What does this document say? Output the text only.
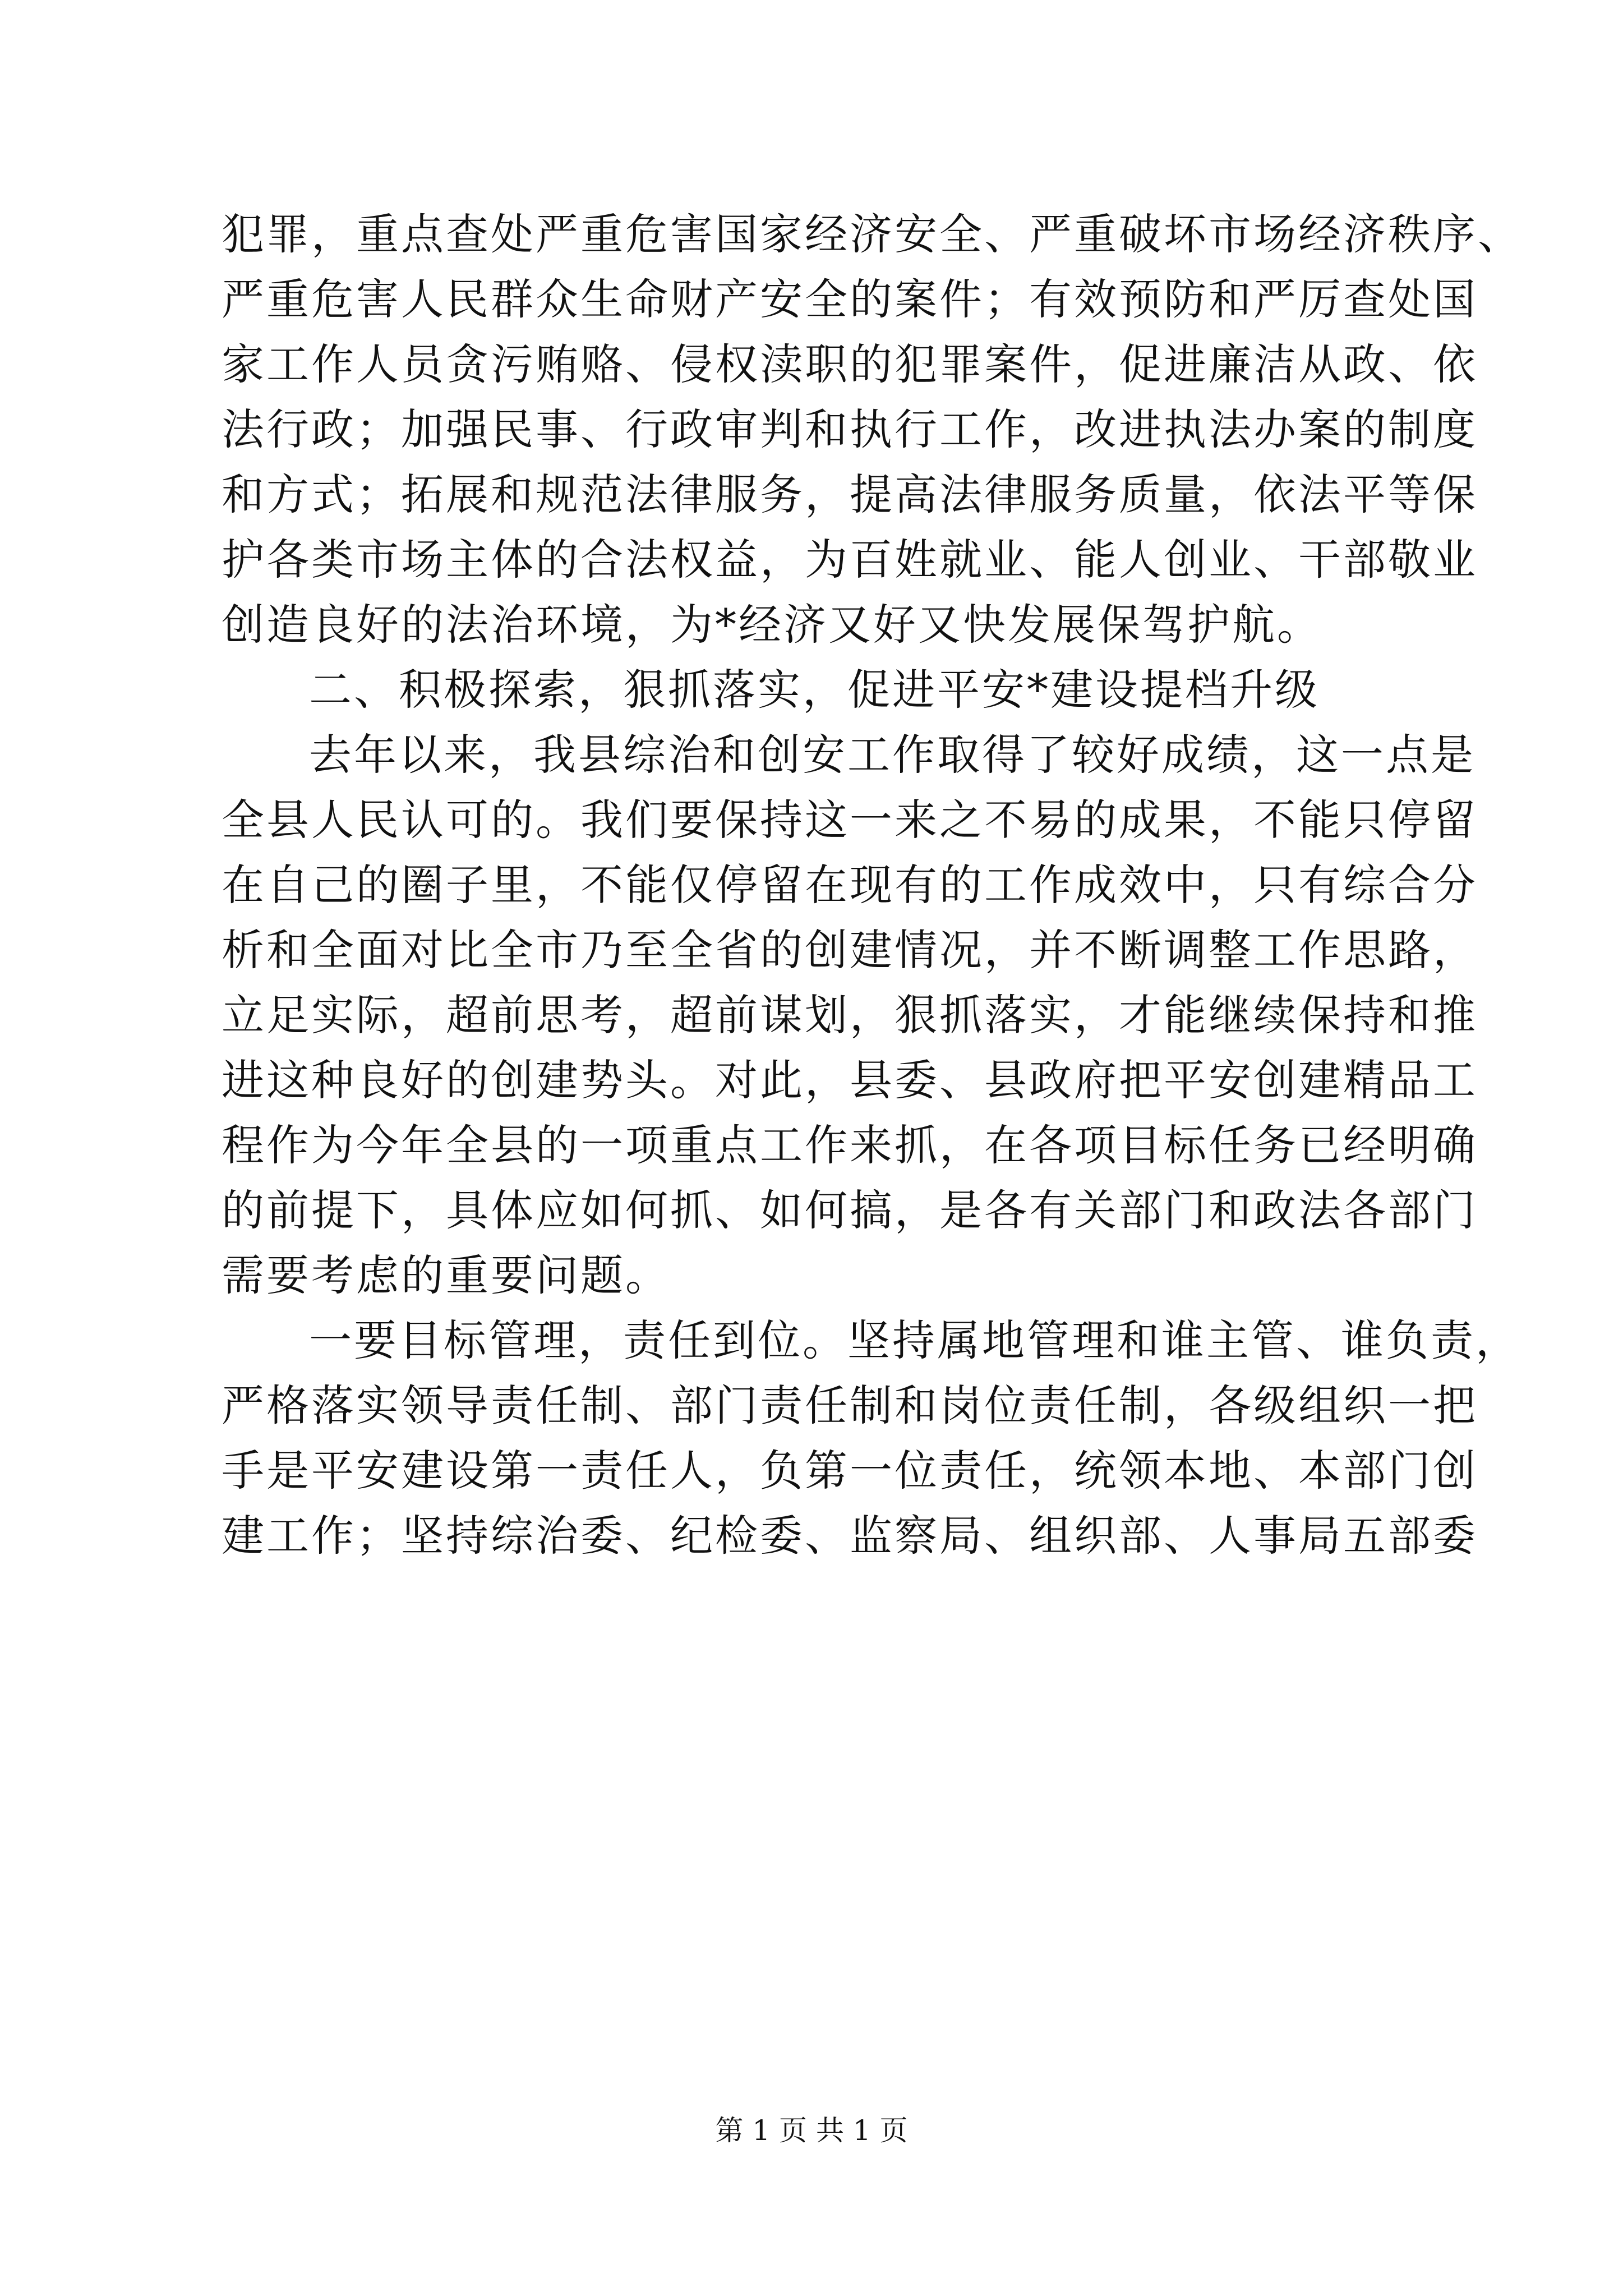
犯罪，重点查处严重危害国家经济安全、严重破坏市场经济秩序、
严重危害人民群众生命财产安全的案件；有效预防和严厉查处国
家工作人员贪污贿赂、侵权渎职的犯罪案件，促进廉洁从政、依
法行政；加强民事、行政审判和执行工作，改进执法办案的制度
和方式；拓展和规范法律服务，提高法律服务质量，依法平等保
护各类市场主体的合法权益，为百姓就业、能人创业、干部敬业
创造良好的法治环境，为*经济又好又快发展保驾护航。
二、积极探索，狠抓落实，促进平安*建设提档升级
去年以来，我县综治和创安工作取得了较好成绩，这一点是
全县人民认可的。我们要保持这一来之不易的成果，不能只停留
在自己的圈子里，不能仅停留在现有的工作成效中，只有综合分
析和全面对比全市乃至全省的创建情况，并不断调整工作思路，
立足实际，超前思考，超前谋划，狠抓落实，才能继续保持和推
进这种良好的创建势头。对此，县委、县政府把平安创建精品工
程作为今年全县的一项重点工作来抓，在各项目标任务已经明确
的前提下，具体应如何抓、如何搞，是各有关部门和政法各部门
需要考虑的重要问题。
一要目标管理，责任到位。坚持属地管理和谁主管、谁负责，
严格落实领导责任制、部门责任制和岗位责任制，各级组织一把
手是平安建设第一责任人，负第一位责任，统领本地、本部门创
建工作；坚持综治委、纪检委、监察局、组织部、人事局五部委
第 1 页 共 1 页
